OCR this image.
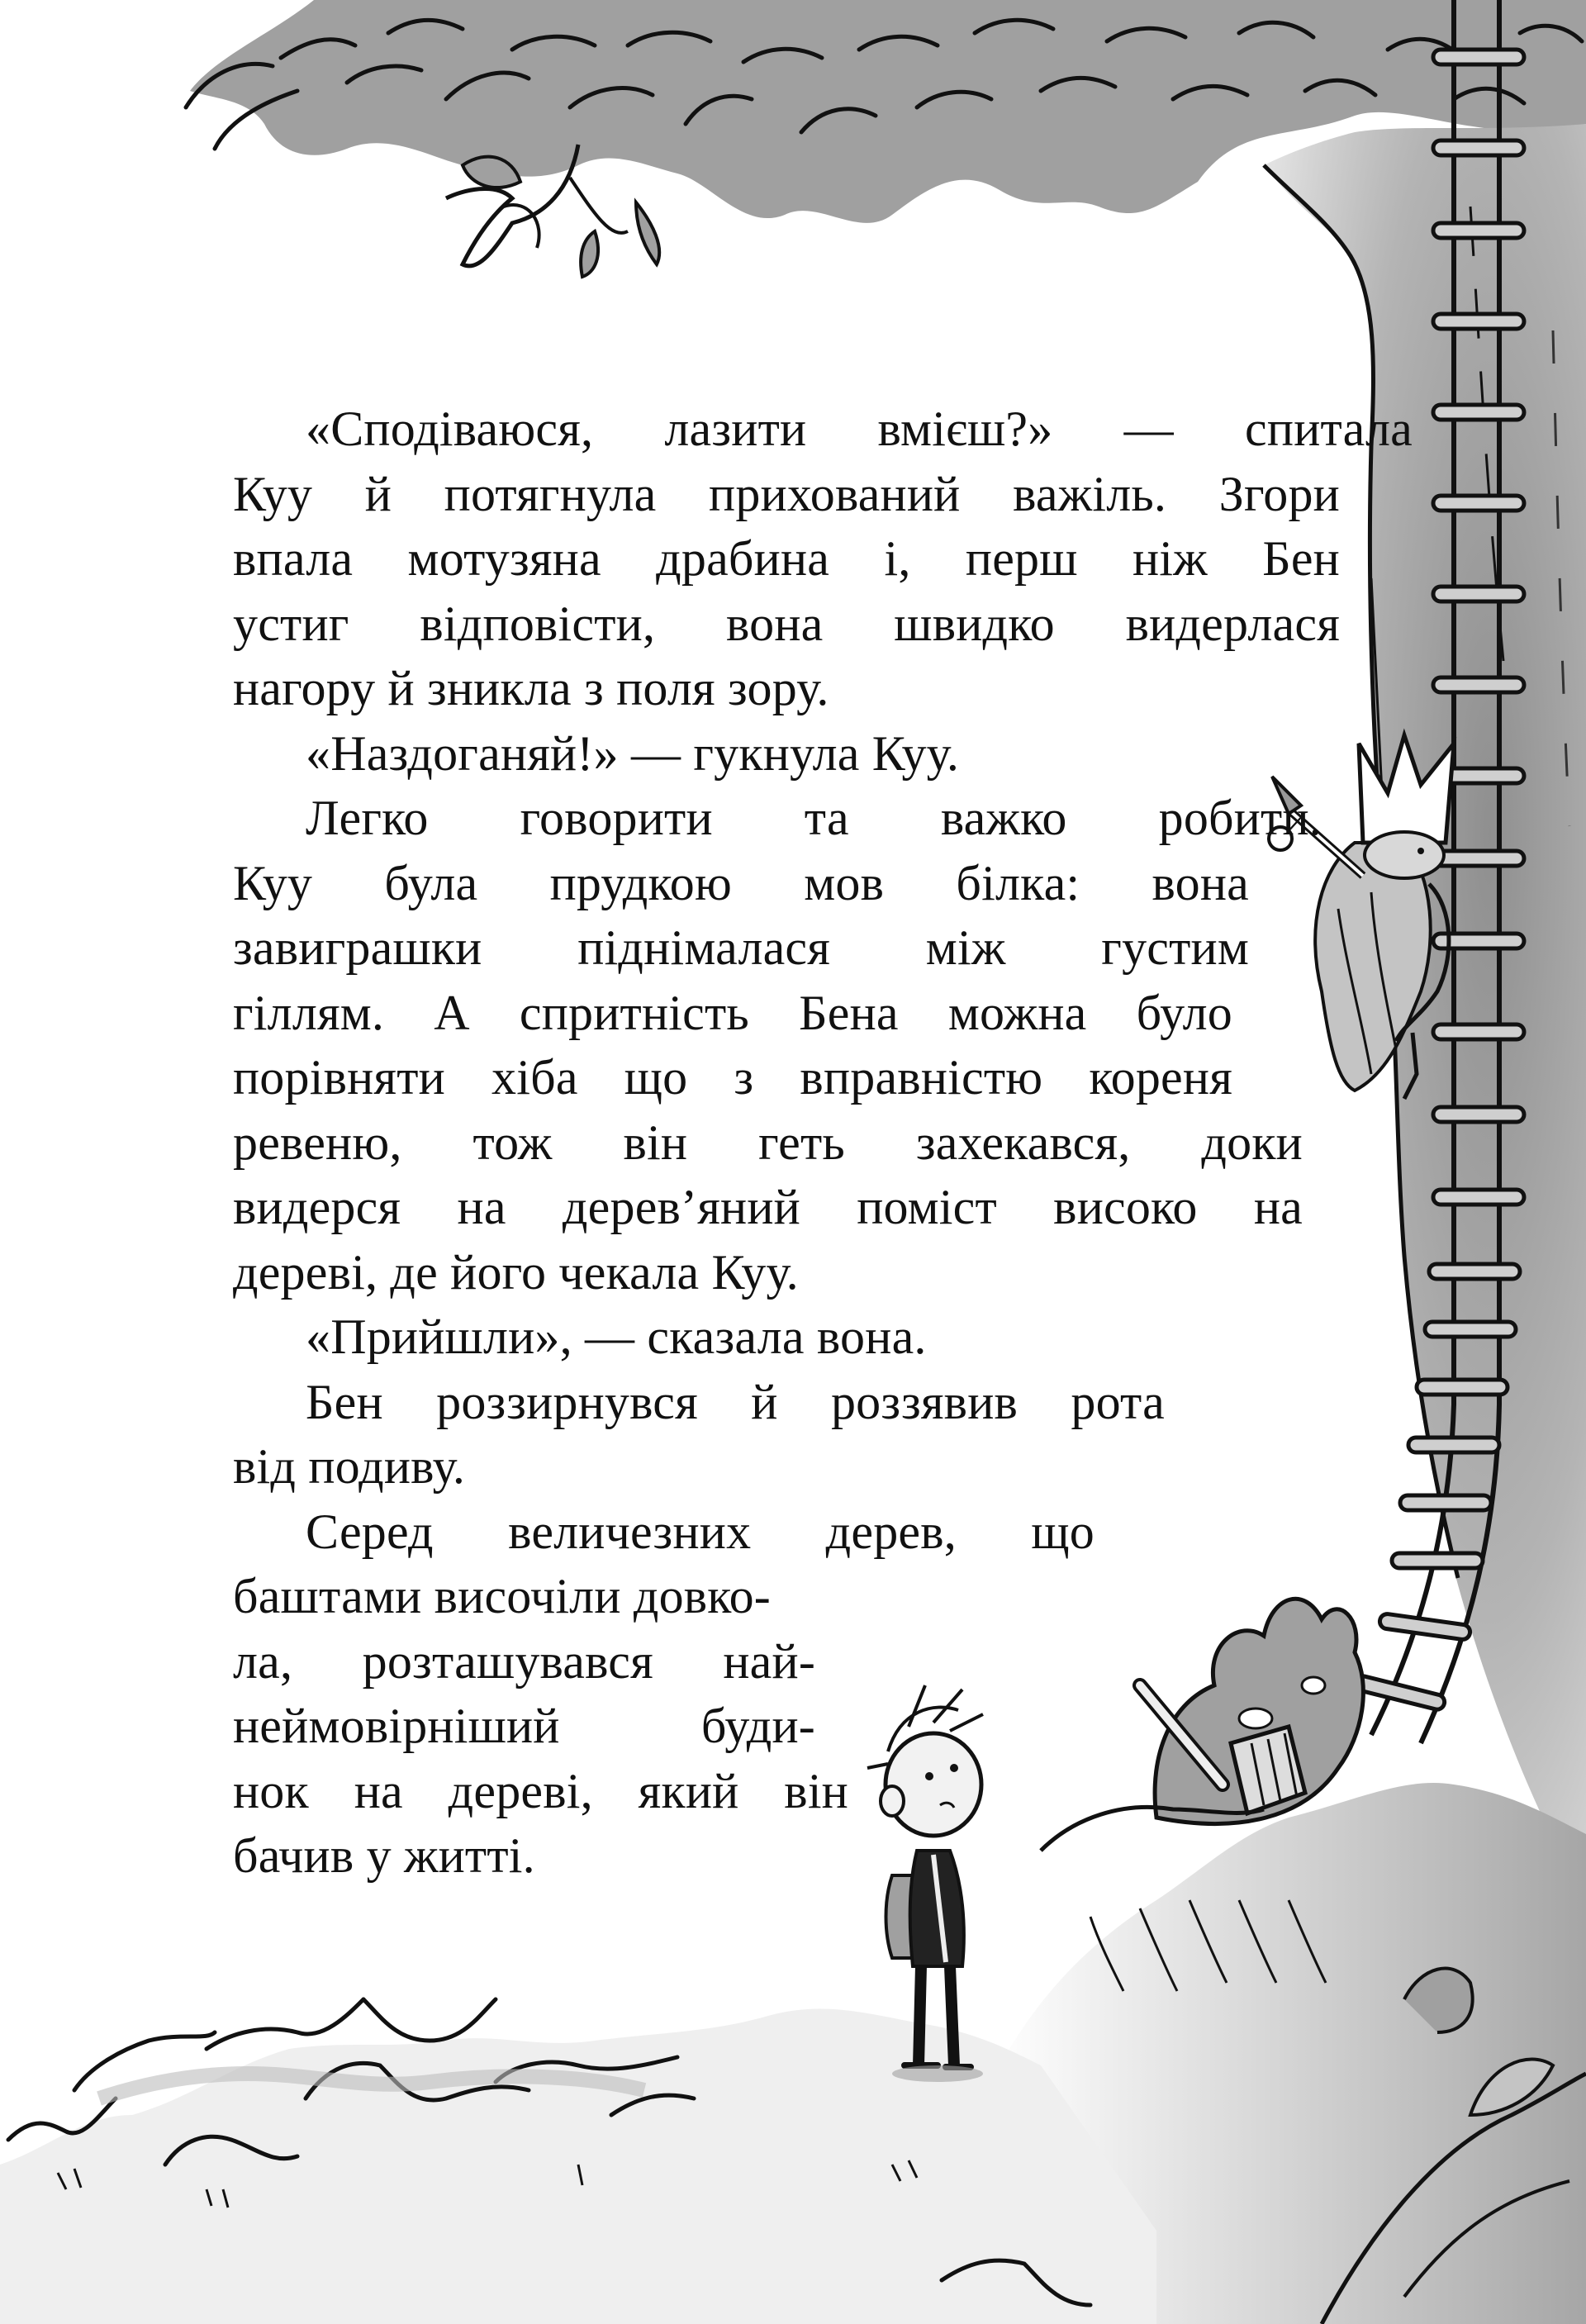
«Сподіваюся, лазити вмієш?» — спитала
Куу й потягнула прихований важіль. Згори
впала мотузяна драбина і, перш ніж Бен
устиг відповісти, вона швидко видерлася
нагору й зникла з поля зору.
«Наздоганяй!» — гукнула Куу.
Легко говорити та важко робити.
Куу була прудкою мов білка: вона
завиграшки піднімалася між густим
гіллям. А спритність Бена можна було
порівняти хіба що з вправністю кореня
ревеню, тож він геть захекався, доки
видерся на дерев’яний поміст високо на
дереві, де його чекала Куу.
«Прийшли», — сказала вона.
Бен роззирнувся й роззявив рота
від подиву.
Серед величезних дерев, що
баштами височіли довко-
ла, розташувався най-
неймовірніший буди-
нок на дереві, який він
бачив у житті.
